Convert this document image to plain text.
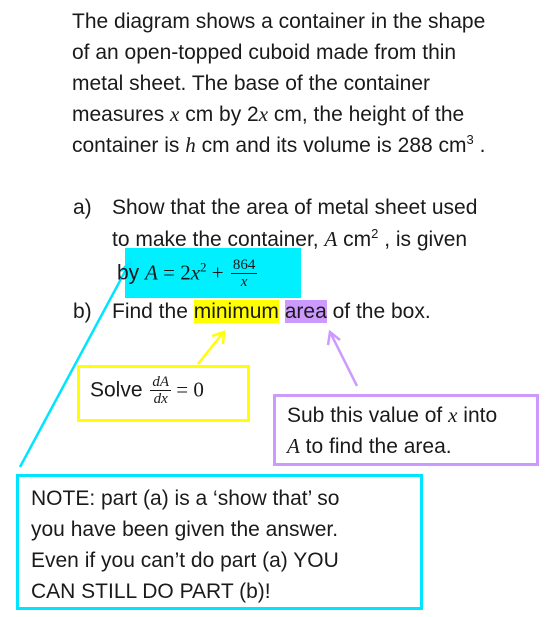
The diagram shows a container in the shape
of an open-topped cuboid made from thin
metal sheet. The base of the container
measures x cm by 2x cm, the height of the
container is h cm and its volume is 288 $cm^3$ .

a) Show that the area of metal sheet used
to make the container, A $cm^2$ , is given
by $A = 2x^2 + \frac{864}{x}$
b) Find the minimum area of the box.
Solve $\frac{dA}{dx} = 0$
Sub this value of x into
A to find the area.
NOTE: part (a) is a ‘show that’ so
you have been given the answer.
Even if you can’t do part (a) YOU
CAN STILL DO PART (b)!
